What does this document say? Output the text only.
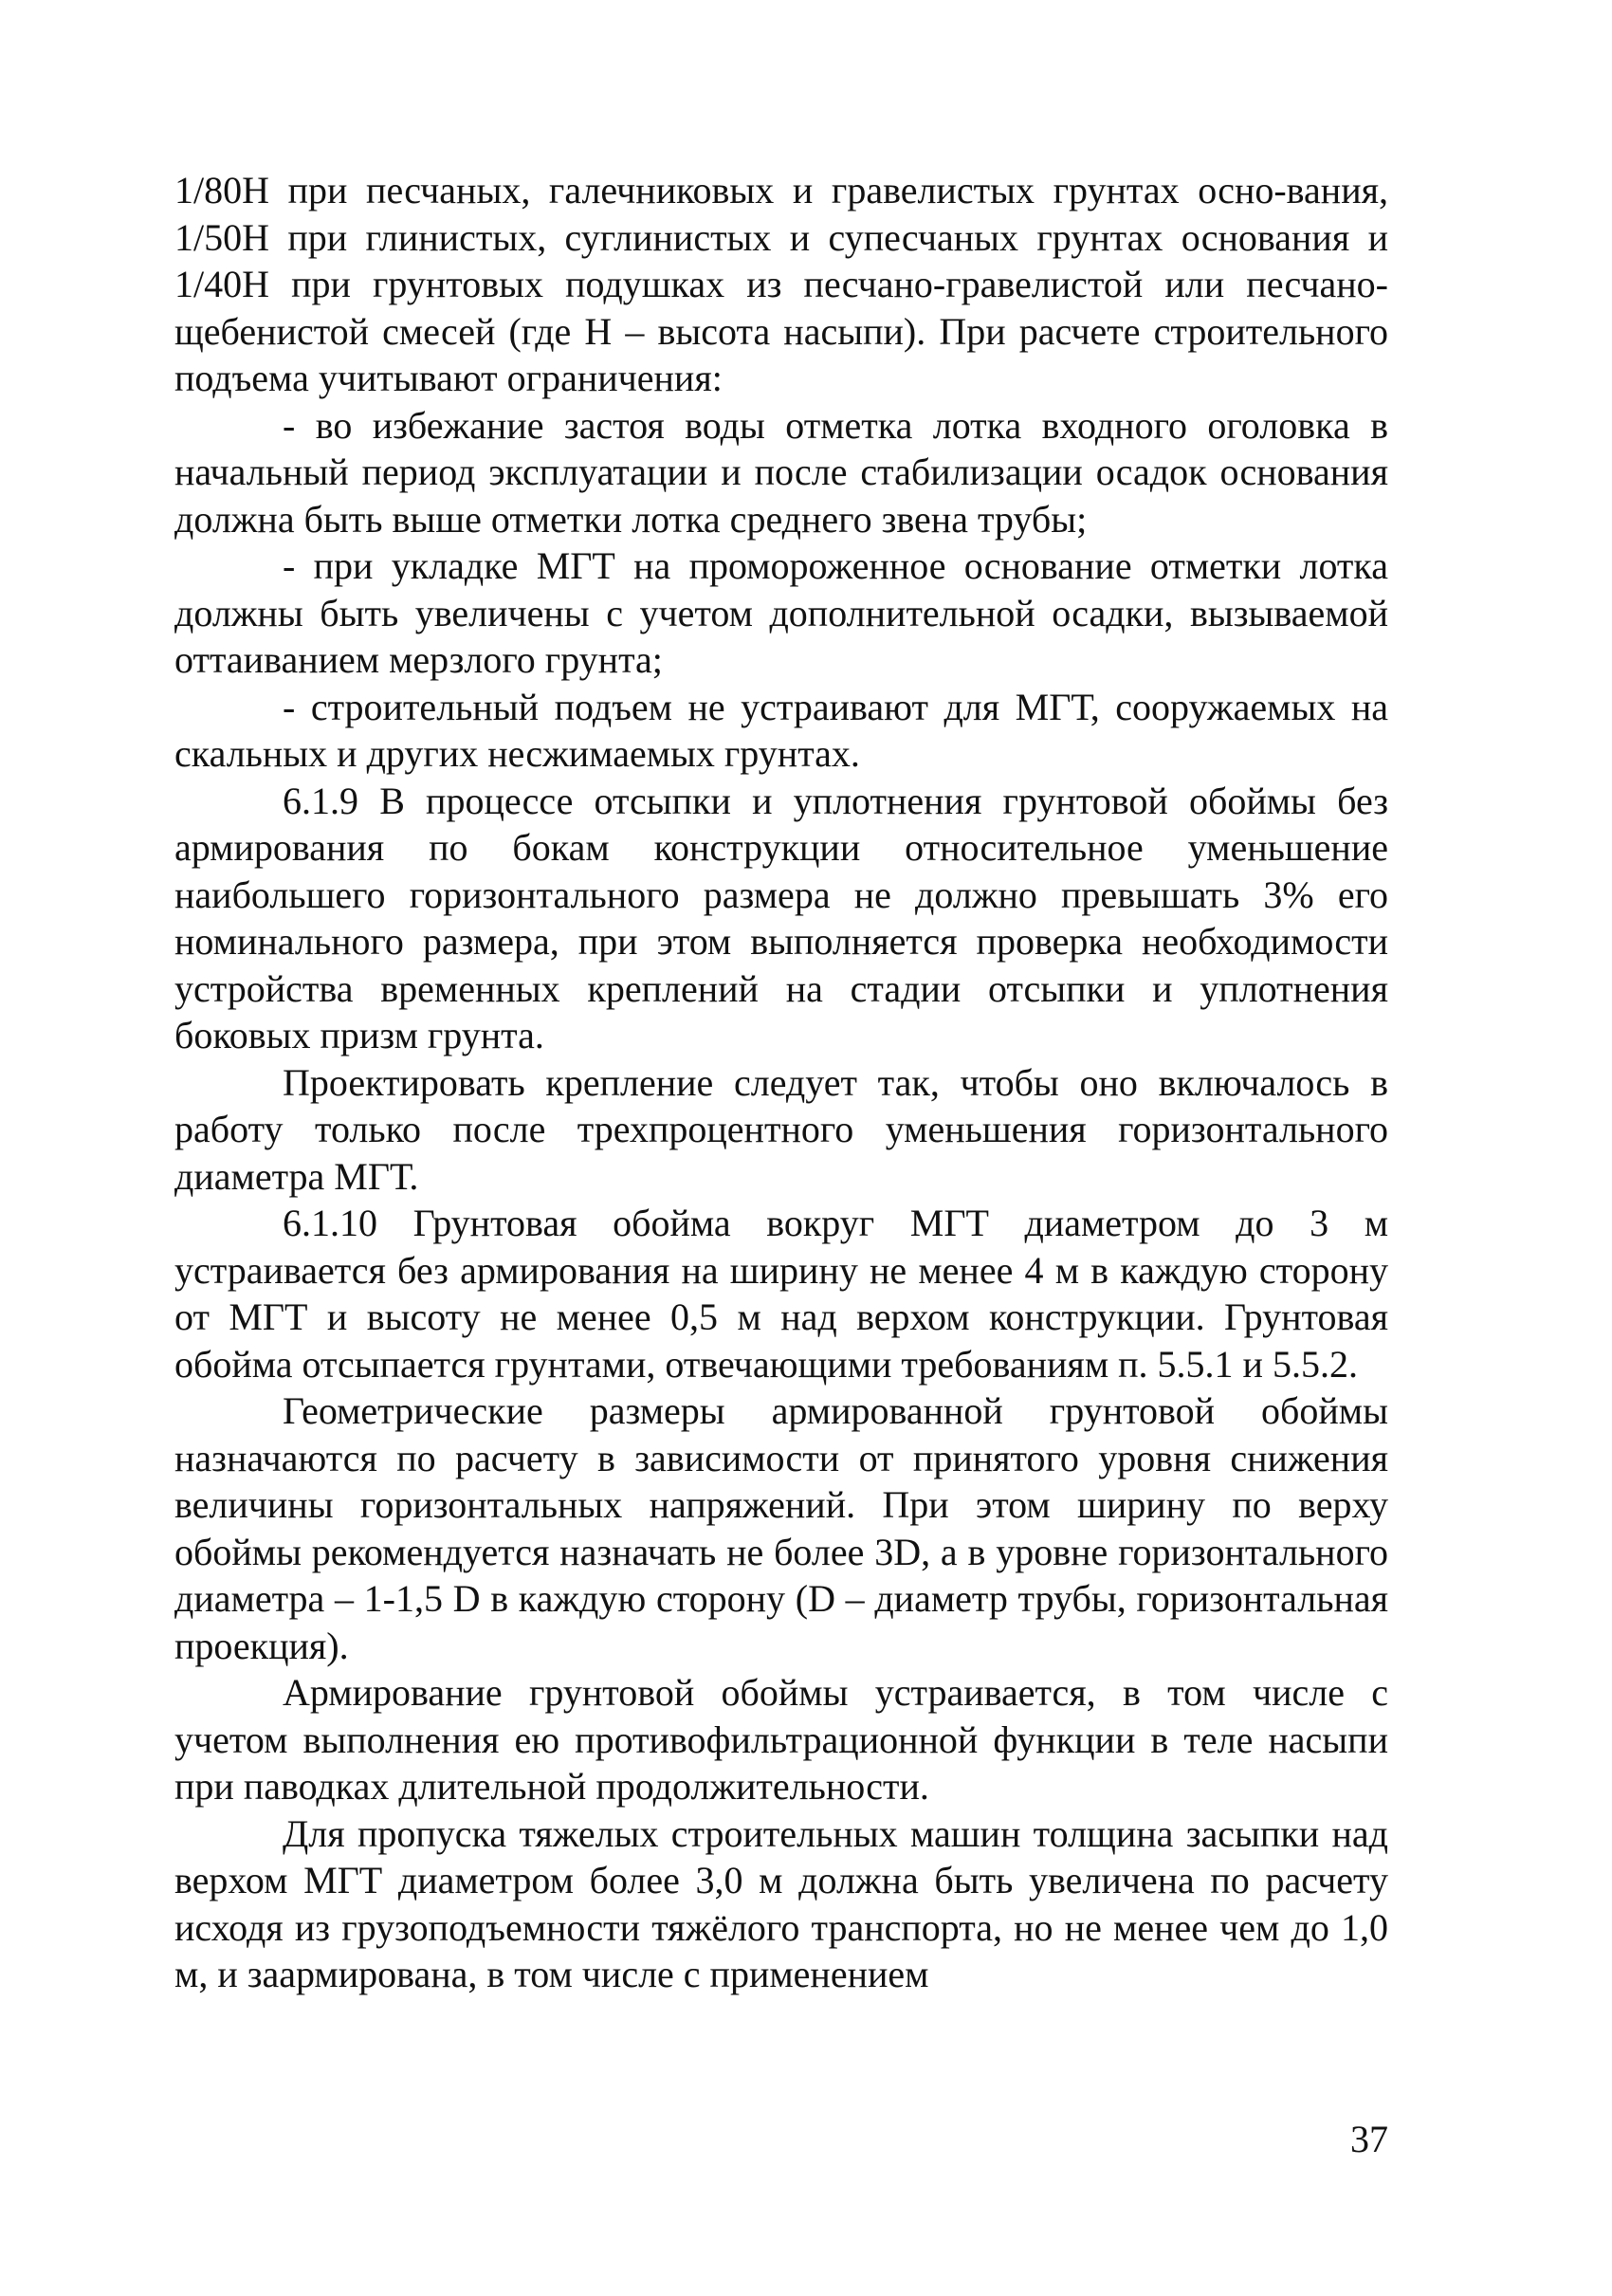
1/80Н при песчаных, галечниковых и гравелистых грунтах осно-вания, 1/50Н при глинистых, суглинистых и супесчаных грунтах основания и 1/40Н при грунтовых подушках из песчано-гравелистой или песчано-щебенистой смесей (где Н – высота насыпи). При расчете строительного подъема учитывают ограничения:

- во избежание застоя воды отметка лотка входного оголовка в начальный период эксплуатации и после стабилизации осадок основания должна быть выше отметки лотка среднего звена трубы;

- при укладке МГТ на промороженное основание отметки лотка должны быть увеличены с учетом дополнительной осадки, вызываемой оттаиванием мерзлого грунта;

- строительный подъем не устраивают для МГТ, сооружаемых на скальных и других несжимаемых грунтах.

6.1.9 В процессе отсыпки и уплотнения грунтовой обоймы без армирования по бокам конструкции относительное уменьшение наибольшего горизонтального размера не должно превышать 3% его номинального размера, при этом выполняется проверка необходимости устройства временных креплений на стадии отсыпки и уплотнения боковых призм грунта.

Проектировать крепление следует так, чтобы оно включалось в работу только после трехпроцентного уменьшения горизонтального диаметра МГТ.

6.1.10 Грунтовая обойма вокруг МГТ диаметром до 3 м устраивается без армирования на ширину не менее 4 м в каждую сторону от МГТ и высоту не менее 0,5 м над верхом конструкции. Грунтовая обойма отсыпается грунтами, отвечающими требованиям п. 5.5.1 и 5.5.2.

Геометрические размеры армированной грунтовой обоймы назначаются по расчету в зависимости от принятого уровня снижения величины горизонтальных напряжений. При этом ширину по верху обоймы рекомендуется назначать не более 3D, а в уровне горизонтального диаметра – 1-1,5 D в каждую сторону (D – диаметр трубы, горизонтальная проекция).

Армирование грунтовой обоймы устраивается, в том числе с учетом выполнения ею противофильтрационной функции в теле насыпи при паводках длительной продолжительности.

Для пропуска тяжелых строительных машин толщина засыпки над верхом МГТ диаметром более 3,0 м должна быть увеличена по расчету исходя из грузоподъемности тяжёлого транспорта, но не менее чем до 1,0 м, и заармирована, в том числе с применением

37
